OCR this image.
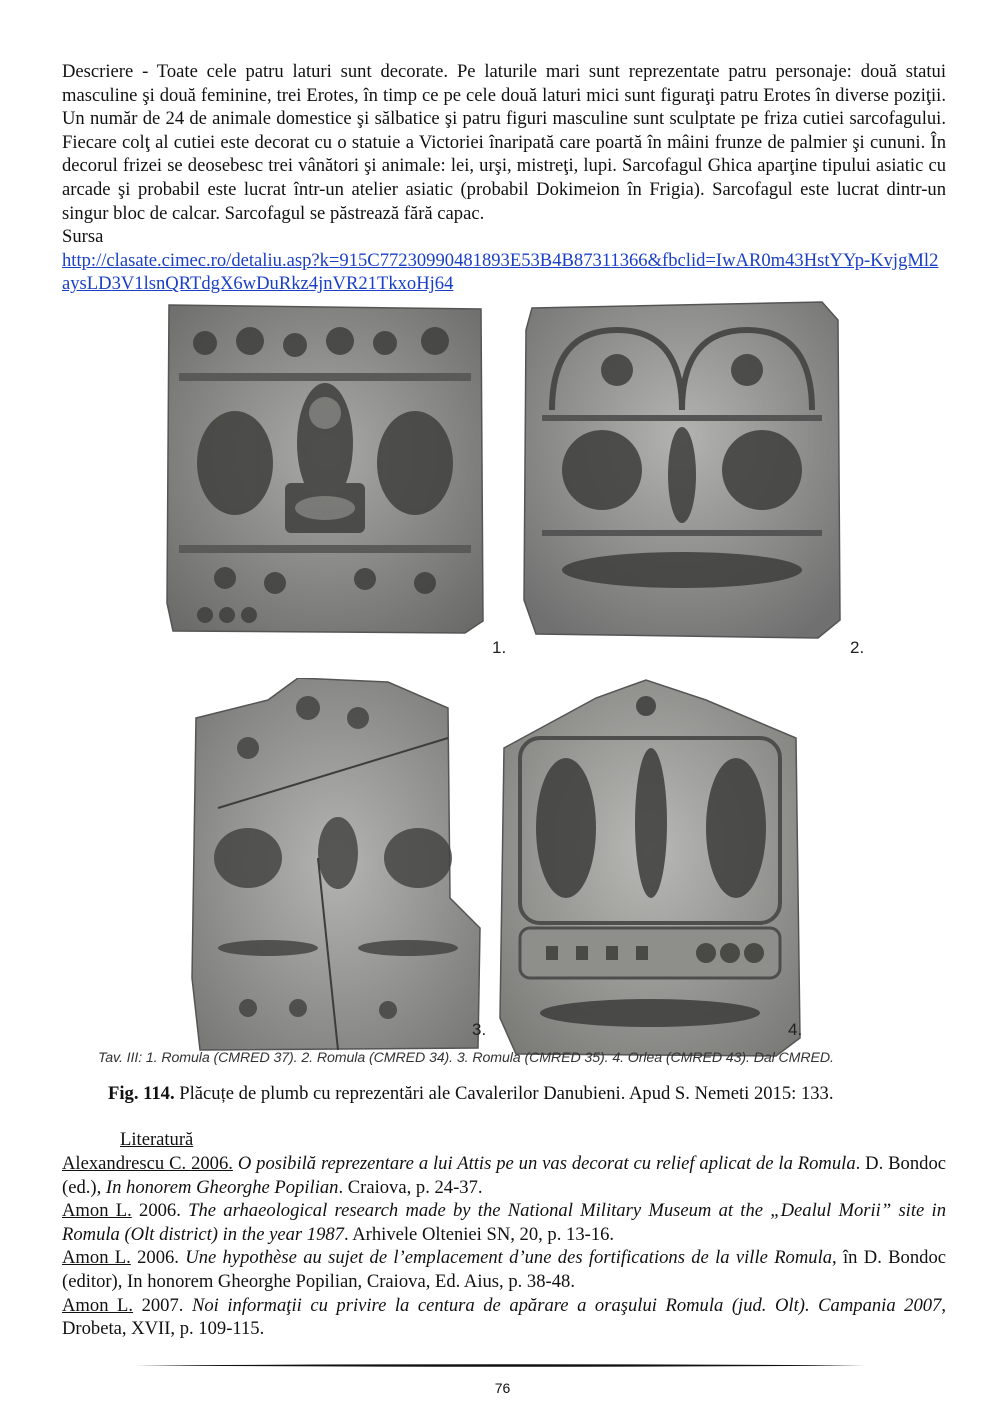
Descriere - Toate cele patru laturi sunt decorate. Pe laturile mari sunt reprezentate patru personaje: două statui masculine şi două feminine, trei Erotes, în timp ce pe cele două laturi mici sunt figuraţi patru Erotes în diverse poziţii. Un număr de 24 de animale domestice şi sălbatice şi patru figuri masculine sunt sculptate pe friza cutiei sarcofagului. Fiecare colţ al cutiei este decorat cu o statuie a Victoriei înaripată care poartă în mâini frunze de palmier şi cununi. În decorul frizei se deosebesc trei vânători şi animale: lei, urşi, mistreţi, lupi. Sarcofagul Ghica aparţine tipului asiatic cu arcade şi probabil este lucrat într-un atelier asiatic (probabil Dokimeion în Frigia). Sarcofagul este lucrat dintr-un singur bloc de calcar. Sarcofagul se păstrează fără capac.

Sursa

http://clasate.cimec.ro/detaliu.asp?k=915C77230990481893E53B4B87311366&fbclid=IwAR0m43HstYYp-KvjgMl2aysLD3V1lsnQRTdgX6wDuRkz4jnVR21TkxoHj64

1.	2.
3.	4.
Tav. III: 1. Romula (CMRED 37). 2. Romula (CMRED 34). 3. Romula (CMRED 35). 4. Orlea (CMRED 43). Dal CMRED.
Fig. 114. Plăcuțe de plumb cu reprezentări ale Cavalerilor Danubieni. Apud S. Nemeti 2015: 133.
Literatură

Alexandrescu C. 2006. O posibilă reprezentare a lui Attis pe un vas decorat cu relief aplicat de la Romula. D. Bondoc (ed.), In honorem Gheorghe Popilian. Craiova, p. 24-37.

Amon L. 2006. The arhaeological research made by the National Military Museum at the „Dealul Morii” site in Romula (Olt district) in the year 1987. Arhivele Olteniei SN, 20, p. 13-16.

Amon L. 2006. Une hypothèse au sujet de l’emplacement d’une des fortifications de la ville Romula, în D. Bondoc (editor), In honorem Gheorghe Popilian, Craiova, Ed. Aius, p. 38-48.

Amon L. 2007. Noi informaţii cu privire la centura de apărare a oraşului Romula (jud. Olt). Campania 2007, Drobeta, XVII, p. 109-115.

76
